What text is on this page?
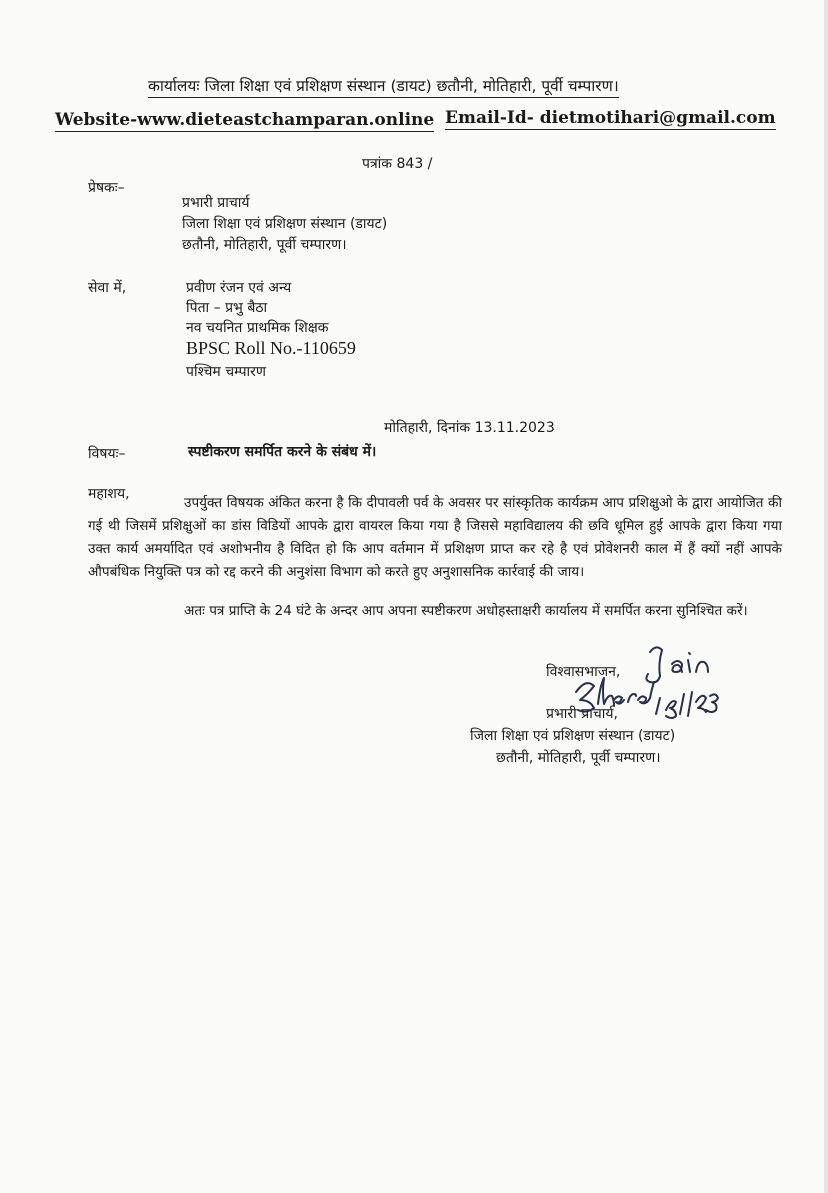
कार्यालयः जिला शिक्षा एवं प्रशिक्षण संस्थान (डायट) छतौनी, मोतिहारी, पूर्वी चम्पारण।
Website-www.dieteastchamparan.online Email-Id- dietmotihari@gmail.com
पत्रांक 843 /
प्रेषकः–
प्रभारी प्राचार्य
जिला शिक्षा एवं प्रशिक्षण संस्थान (डायट)
छतौनी, मोतिहारी, पूर्वी चम्पारण।
सेवा में,	प्रवीण रंजन एवं अन्य
पिता – प्रभु बैठा
नव चयनित प्राथमिक शिक्षक
BPSC Roll No.-110659
पश्चिम चम्पारण
मोतिहारी, दिनांक 13.11.2023
विषयः–	स्पष्टीकरण समर्पित करने के संबंध में।
महाशय,
उपर्युक्त विषयक अंकित करना है कि दीपावली पर्व के अवसर पर सांस्कृतिक कार्यक्रम आप प्रशिक्षुओ के द्वारा आयोजित की गई थी जिसमें प्रशिक्षुओं का डांस विडियों आपके द्वारा वायरल किया गया है जिससे महाविद्यालय की छवि धूमिल हुई आपके द्वारा किया गया उक्त कार्य अमर्यादित एवं अशोभनीय है विदित हो कि आप वर्तमान में प्रशिक्षण प्राप्त कर रहे है एवं प्रोवेशनरी काल में हैं क्यों नहीं आपके औपबंधिक नियुक्ति पत्र को रद्द करने की अनुशंसा विभाग को करते हुए अनुशासनिक कार्रवाई की जाय।
अतः पत्र प्राप्ति के 24 घंटे के अन्दर आप अपना स्पष्टीकरण अधोहस्ताक्षरी कार्यालय में समर्पित करना सुनिश्चित करें।
विश्वासभाजन,
प्रभारी प्राचार्य,
जिला शिक्षा एवं प्रशिक्षण संस्थान (डायट)
छतौनी, मोतिहारी, पूर्वी चम्पारण।
